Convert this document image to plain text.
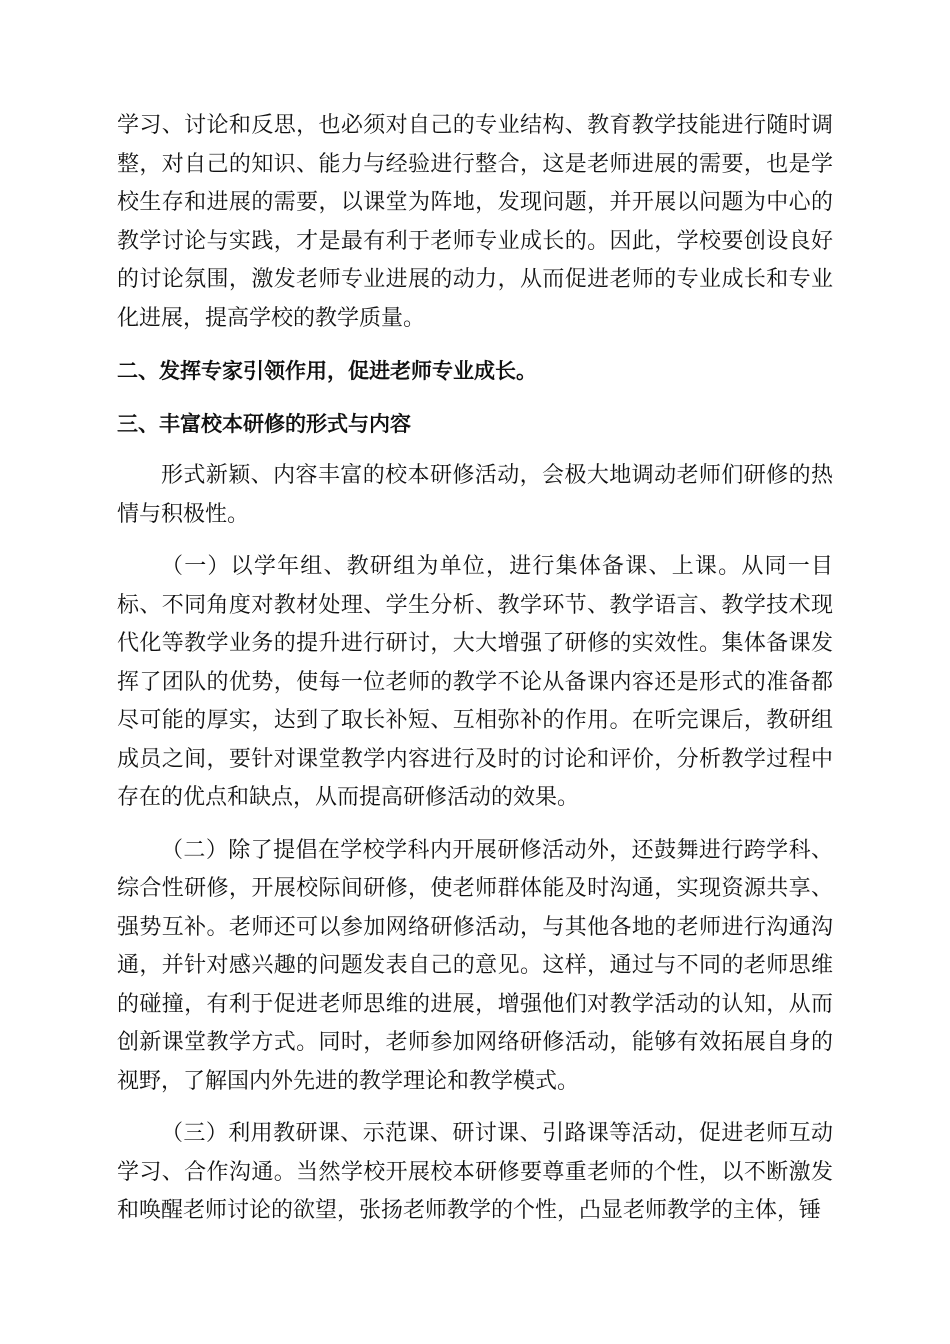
学习、讨论和反思，也必须对自己的专业结构、教育教学技能进行随时调整，对自己的知识、能力与经验进行整合，这是老师进展的需要，也是学校生存和进展的需要，以课堂为阵地，发现问题，并开展以问题为中心的教学讨论与实践，才是最有利于老师专业成长的。因此，学校要创设良好的讨论氛围，激发老师专业进展的动力，从而促进老师的专业成长和专业化进展，提高学校的教学质量。

二、发挥专家引领作用，促进老师专业成长。

三、丰富校本研修的形式与内容

形式新颖、内容丰富的校本研修活动，会极大地调动老师们研修的热情与积极性。

（一）以学年组、教研组为单位，进行集体备课、上课。从同一目标、不同角度对教材处理、学生分析、教学环节、教学语言、教学技术现代化等教学业务的提升进行研讨，大大增强了研修的实效性。集体备课发挥了团队的优势，使每一位老师的教学不论从备课内容还是形式的准备都尽可能的厚实，达到了取长补短、互相弥补的作用。在听完课后，教研组成员之间，要针对课堂教学内容进行及时的讨论和评价，分析教学过程中存在的优点和缺点，从而提高研修活动的效果。

（二）除了提倡在学校学科内开展研修活动外，还鼓舞进行跨学科、综合性研修，开展校际间研修，使老师群体能及时沟通，实现资源共享、强势互补。老师还可以参加网络研修活动，与其他各地的老师进行沟通沟通，并针对感兴趣的问题发表自己的意见。这样，通过与不同的老师思维的碰撞，有利于促进老师思维的进展，增强他们对教学活动的认知，从而创新课堂教学方式。同时，老师参加网络研修活动，能够有效拓展自身的视野，了解国内外先进的教学理论和教学模式。

（三）利用教研课、示范课、研讨课、引路课等活动，促进老师互动学习、合作沟通。当然学校开展校本研修要尊重老师的个性，以不断激发和唤醒老师讨论的欲望，张扬老师教学的个性，凸显老师教学的主体，锤
